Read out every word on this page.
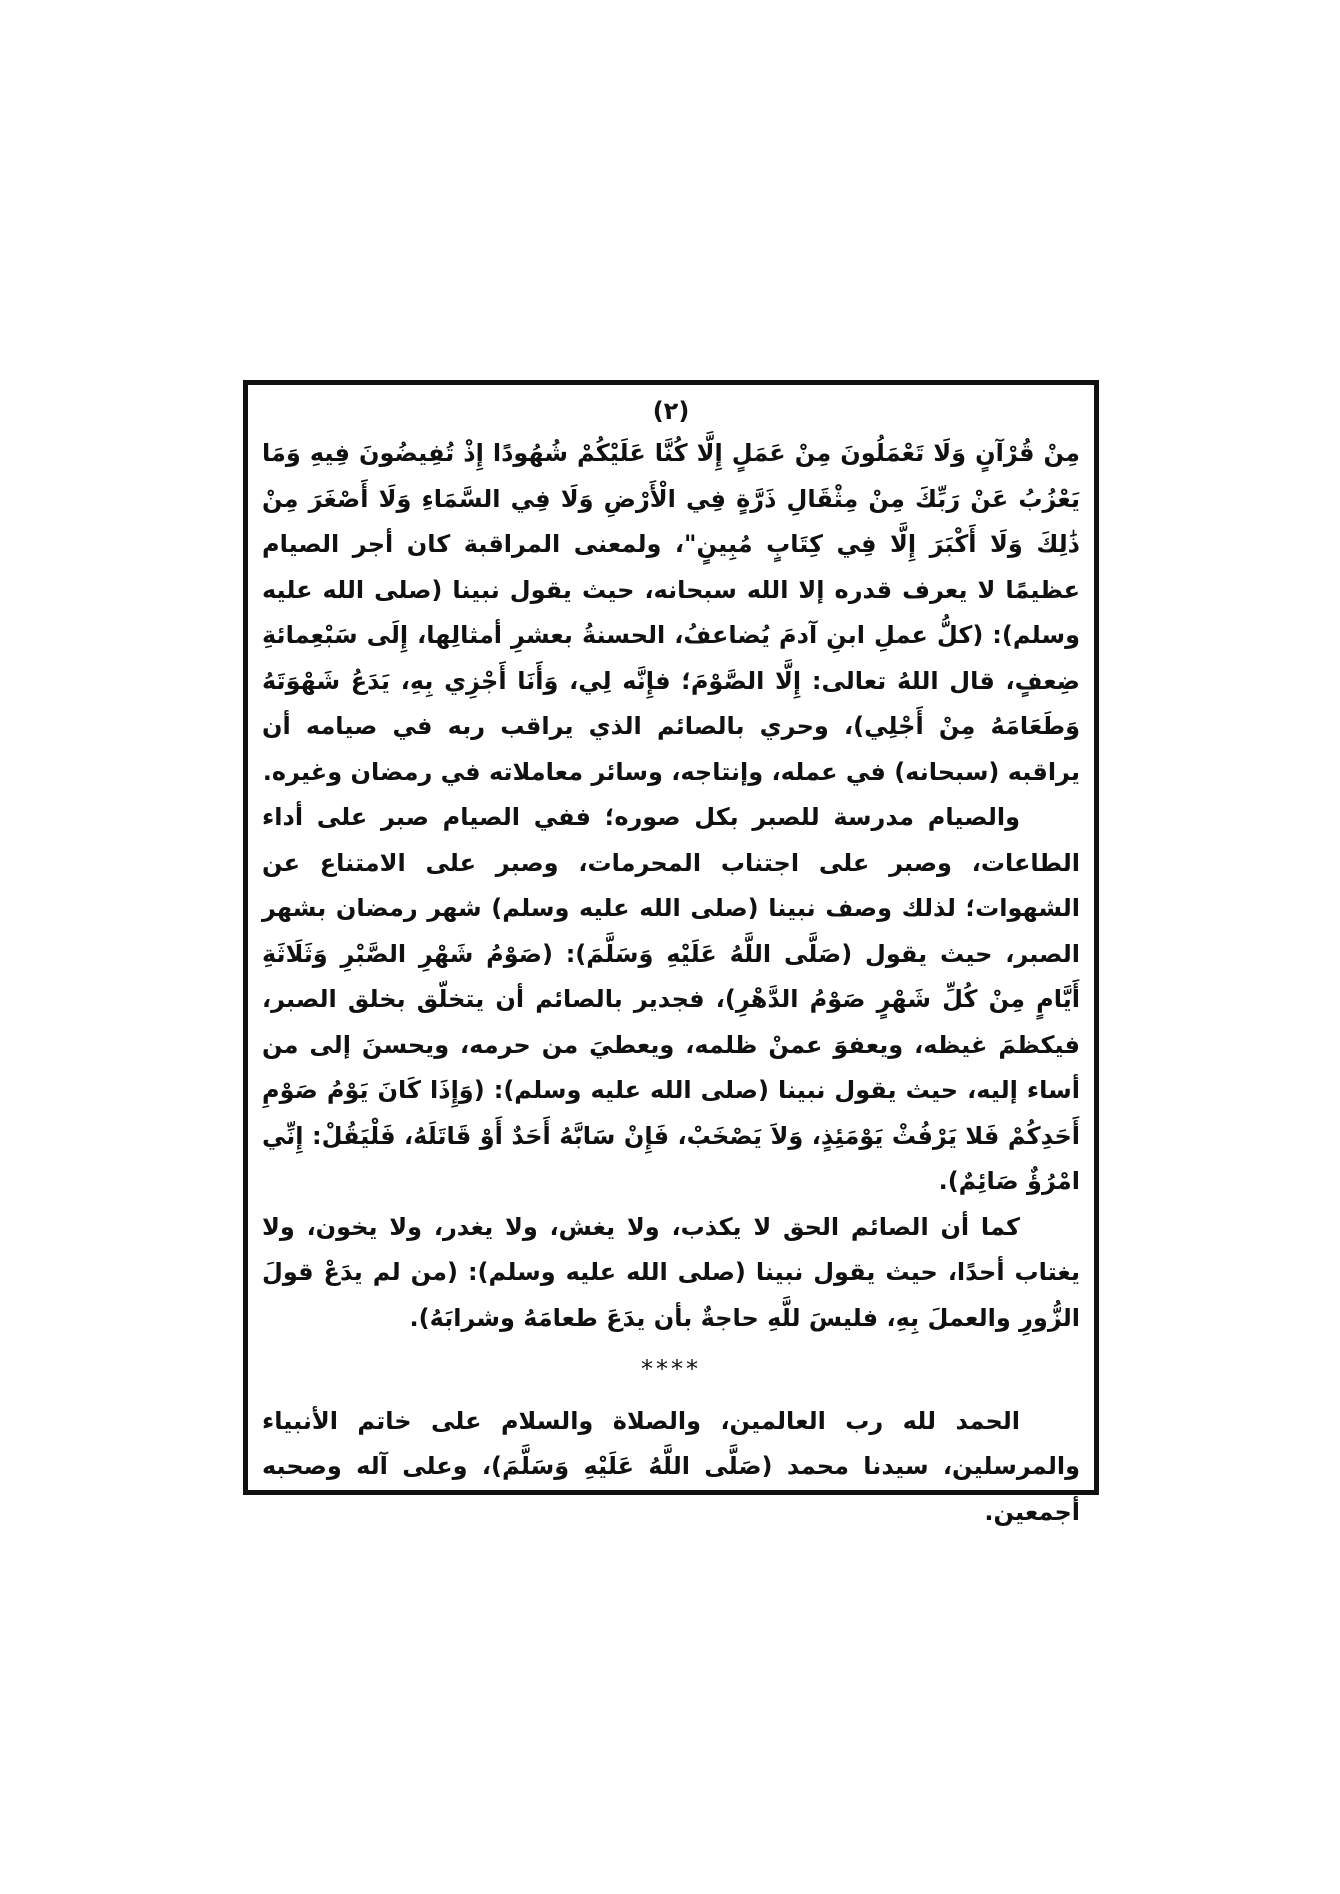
(٢)

مِنْ قُرْآنٍ وَلَا تَعْمَلُونَ مِنْ عَمَلٍ إِلَّا كُنَّا عَلَيْكُمْ شُهُودًا إِذْ تُفِيضُونَ فِيهِ وَمَا يَعْزُبُ عَنْ رَبِّكَ مِنْ مِثْقَالِ ذَرَّةٍ فِي الْأَرْضِ وَلَا فِي السَّمَاءِ وَلَا أَصْغَرَ مِنْ ذَٰلِكَ وَلَا أَكْبَرَ إِلَّا فِي كِتَابٍ مُبِينٍ"، ولمعنى المراقبة كان أجر الصيام عظيمًا لا يعرف قدره إلا الله سبحانه، حيث يقول نبينا (صلى الله عليه وسلم): (كلُّ عملِ ابنِ آدمَ يُضاعفُ، الحسنةُ بعشرِ أمثالِها، إِلَى سَبْعِمائةِ ضِعفٍ، قال اللهُ تعالى: إِلَّا الصَّوْمَ؛ فإِنَّه لِي، وَأَنَا أَجْزِي بِهِ، يَدَعُ شَهْوَتَهُ وَطَعَامَهُ مِنْ أَجْلِي)، وحري بالصائم الذي يراقب ربه في صيامه أن يراقبه (سبحانه) في عمله، وإنتاجه، وسائر معاملاته في رمضان وغيره.

والصيام مدرسة للصبر بكل صوره؛ ففي الصيام صبر على أداء الطاعات، وصبر على اجتناب المحرمات، وصبر على الامتناع عن الشهوات؛ لذلك وصف نبينا (صلى الله عليه وسلم) شهر رمضان بشهر الصبر، حيث يقول (صَلَّى اللَّهُ عَلَيْهِ وَسَلَّمَ): (صَوْمُ شَهْرِ الصَّبْرِ وَثَلَاثَةِ أَيَّامٍ مِنْ كُلِّ شَهْرٍ صَوْمُ الدَّهْرِ)، فجدير بالصائم أن يتخلّق بخلق الصبر، فيكظمَ غيظه، ويعفوَ عمنْ ظلمه، ويعطيَ من حرمه، ويحسنَ إلى من أساء إليه، حيث يقول نبينا (صلى الله عليه وسلم): (وَإِذَا كَانَ يَوْمُ صَوْمِ أَحَدِكُمْ فَلا يَرْفُثْ يَوْمَئِذٍ، وَلاَ يَصْخَبْ، فَإِنْ سَابَّهُ أَحَدٌ أَوْ قَاتَلَهُ، فَلْيَقُلْ: إِنِّي امْرُؤٌ صَائِمٌ).

كما أن الصائم الحق لا يكذب، ولا يغش، ولا يغدر، ولا يخون، ولا يغتاب أحدًا، حيث يقول نبينا (صلى الله عليه وسلم): (من لم يدَعْ قولَ الزُّورِ والعملَ بِهِ، فليسَ للَّهِ حاجةٌ بأن يدَعَ طعامَهُ وشرابَهُ).

****

الحمد لله رب العالمين، والصلاة والسلام على خاتم الأنبياء والمرسلين، سيدنا محمد (صَلَّى اللَّهُ عَلَيْهِ وَسَلَّمَ)، وعلى آله وصحبه أجمعين.
